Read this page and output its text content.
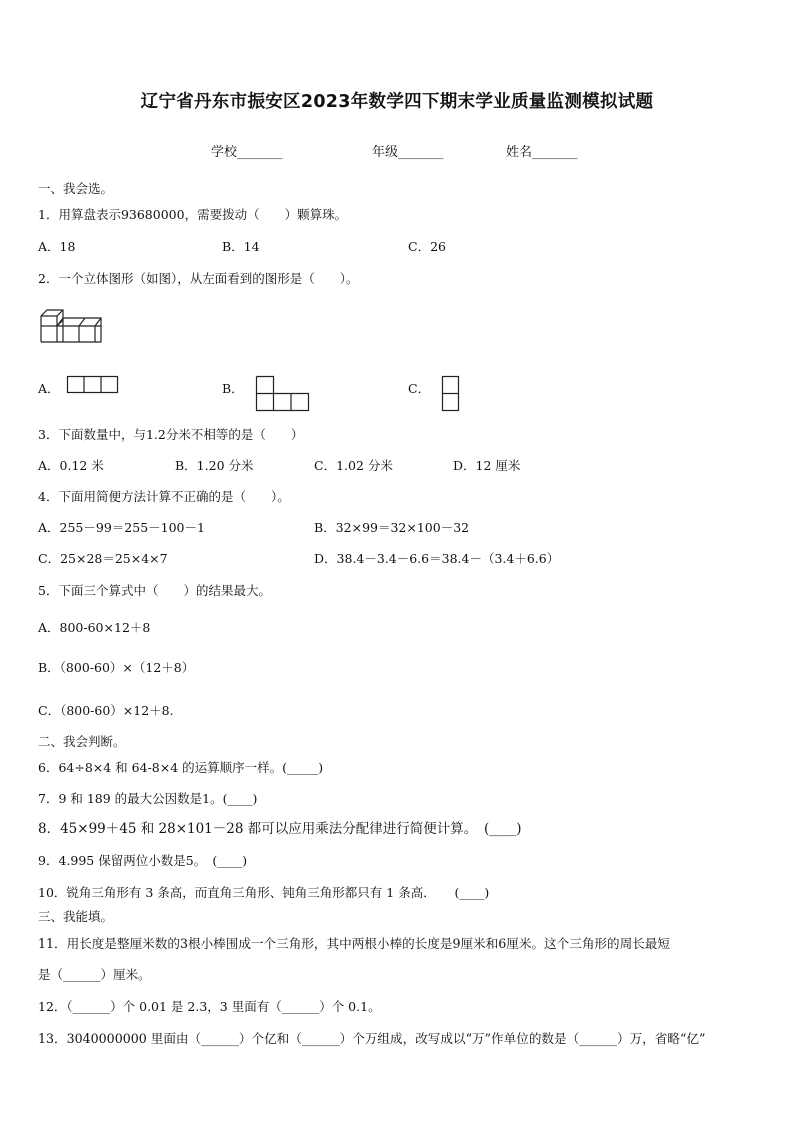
辽宁省丹东市振安区2023年数学四下期末学业质量监测模拟试题
学校_______	年级_______	姓名_______
一、我会选。
1．用算盘表示93680000，需要拨动（　　）颗算珠。
A．18	B．14	C．26
2．一个立体图形（如图），从左面看到的图形是（　　）。
A．	B．	C．
3．下面数量中，与1.2分米不相等的是（　　）
A．0.12 米	B．1.20 分米	C．1.02 分米	D．12 厘米
4．下面用简便方法计算不正确的是（　　）。
A．255－99＝255－100－1	B．32×99＝32×100－32
C．25×28＝25×4×7	D．38.4－3.4－6.6＝38.4－（3.4＋6.6）
5．下面三个算式中（　　）的结果最大。
A．800-60×12＋8
B．（800-60）×（12＋8）
C．（800-60）×12＋8.
二、我会判断。
6．64÷8×4 和 64-8×4 的运算顺序一样。(_____)
7．9 和 189 的最大公因数是1。(____)
8．45×99＋45 和 28×101－28 都可以应用乘法分配律进行简便计算。　(____)
9．4.995 保留两位小数是5。　(____)
10．锐角三角形有 3 条高，而直角三角形、钝角三角形都只有 1 条高．　　(____)
三、我能填。
11．用长度是整厘米数的3根小棒围成一个三角形，其中两根小棒的长度是9厘米和6厘米。这个三角形的周长最短
是（______）厘米。
12．（______）个 0.01 是 2.3，3 里面有（______）个 0.1。
13．3040000000 里面由（______）个亿和（______）个万组成，改写成以“万”作单位的数是（______）万，省略“亿”
